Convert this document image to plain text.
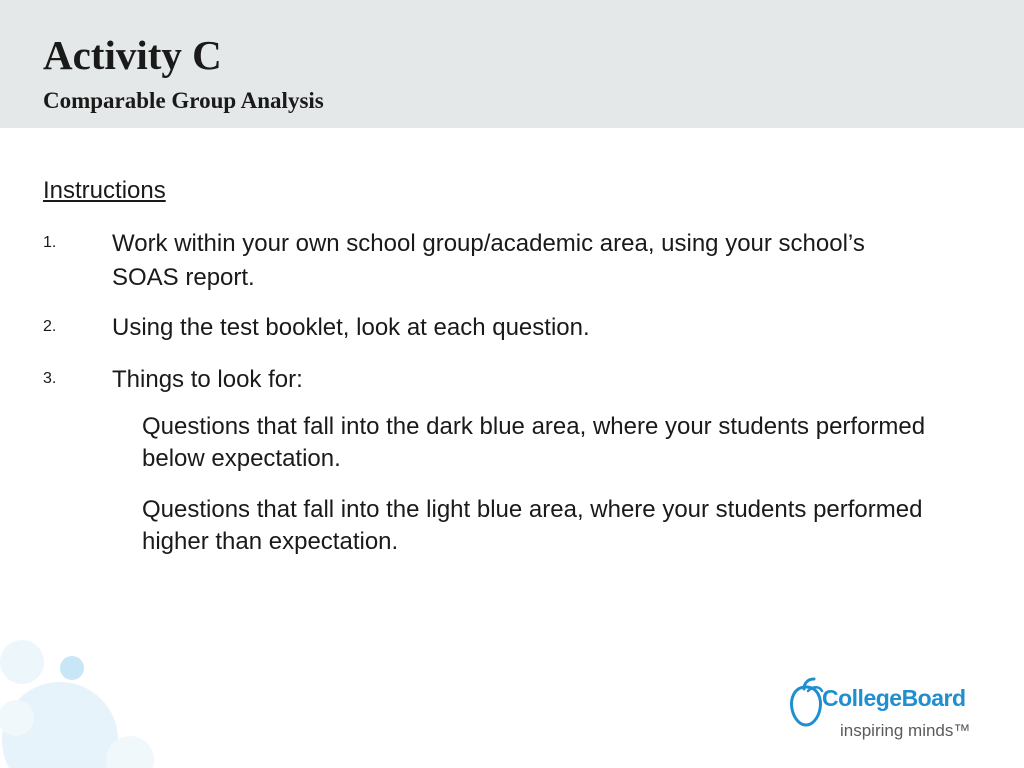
Activity C
Comparable Group Analysis
Instructions
1. Work within your own school group/academic area, using your school’s SOAS report.
2. Using the test booklet, look at each question.
3. Things to look for:
Questions that fall into the dark blue area, where your students performed below expectation.
Questions that fall into the light blue area, where your students performed higher than expectation.
CollegeBoard
inspiring minds™
